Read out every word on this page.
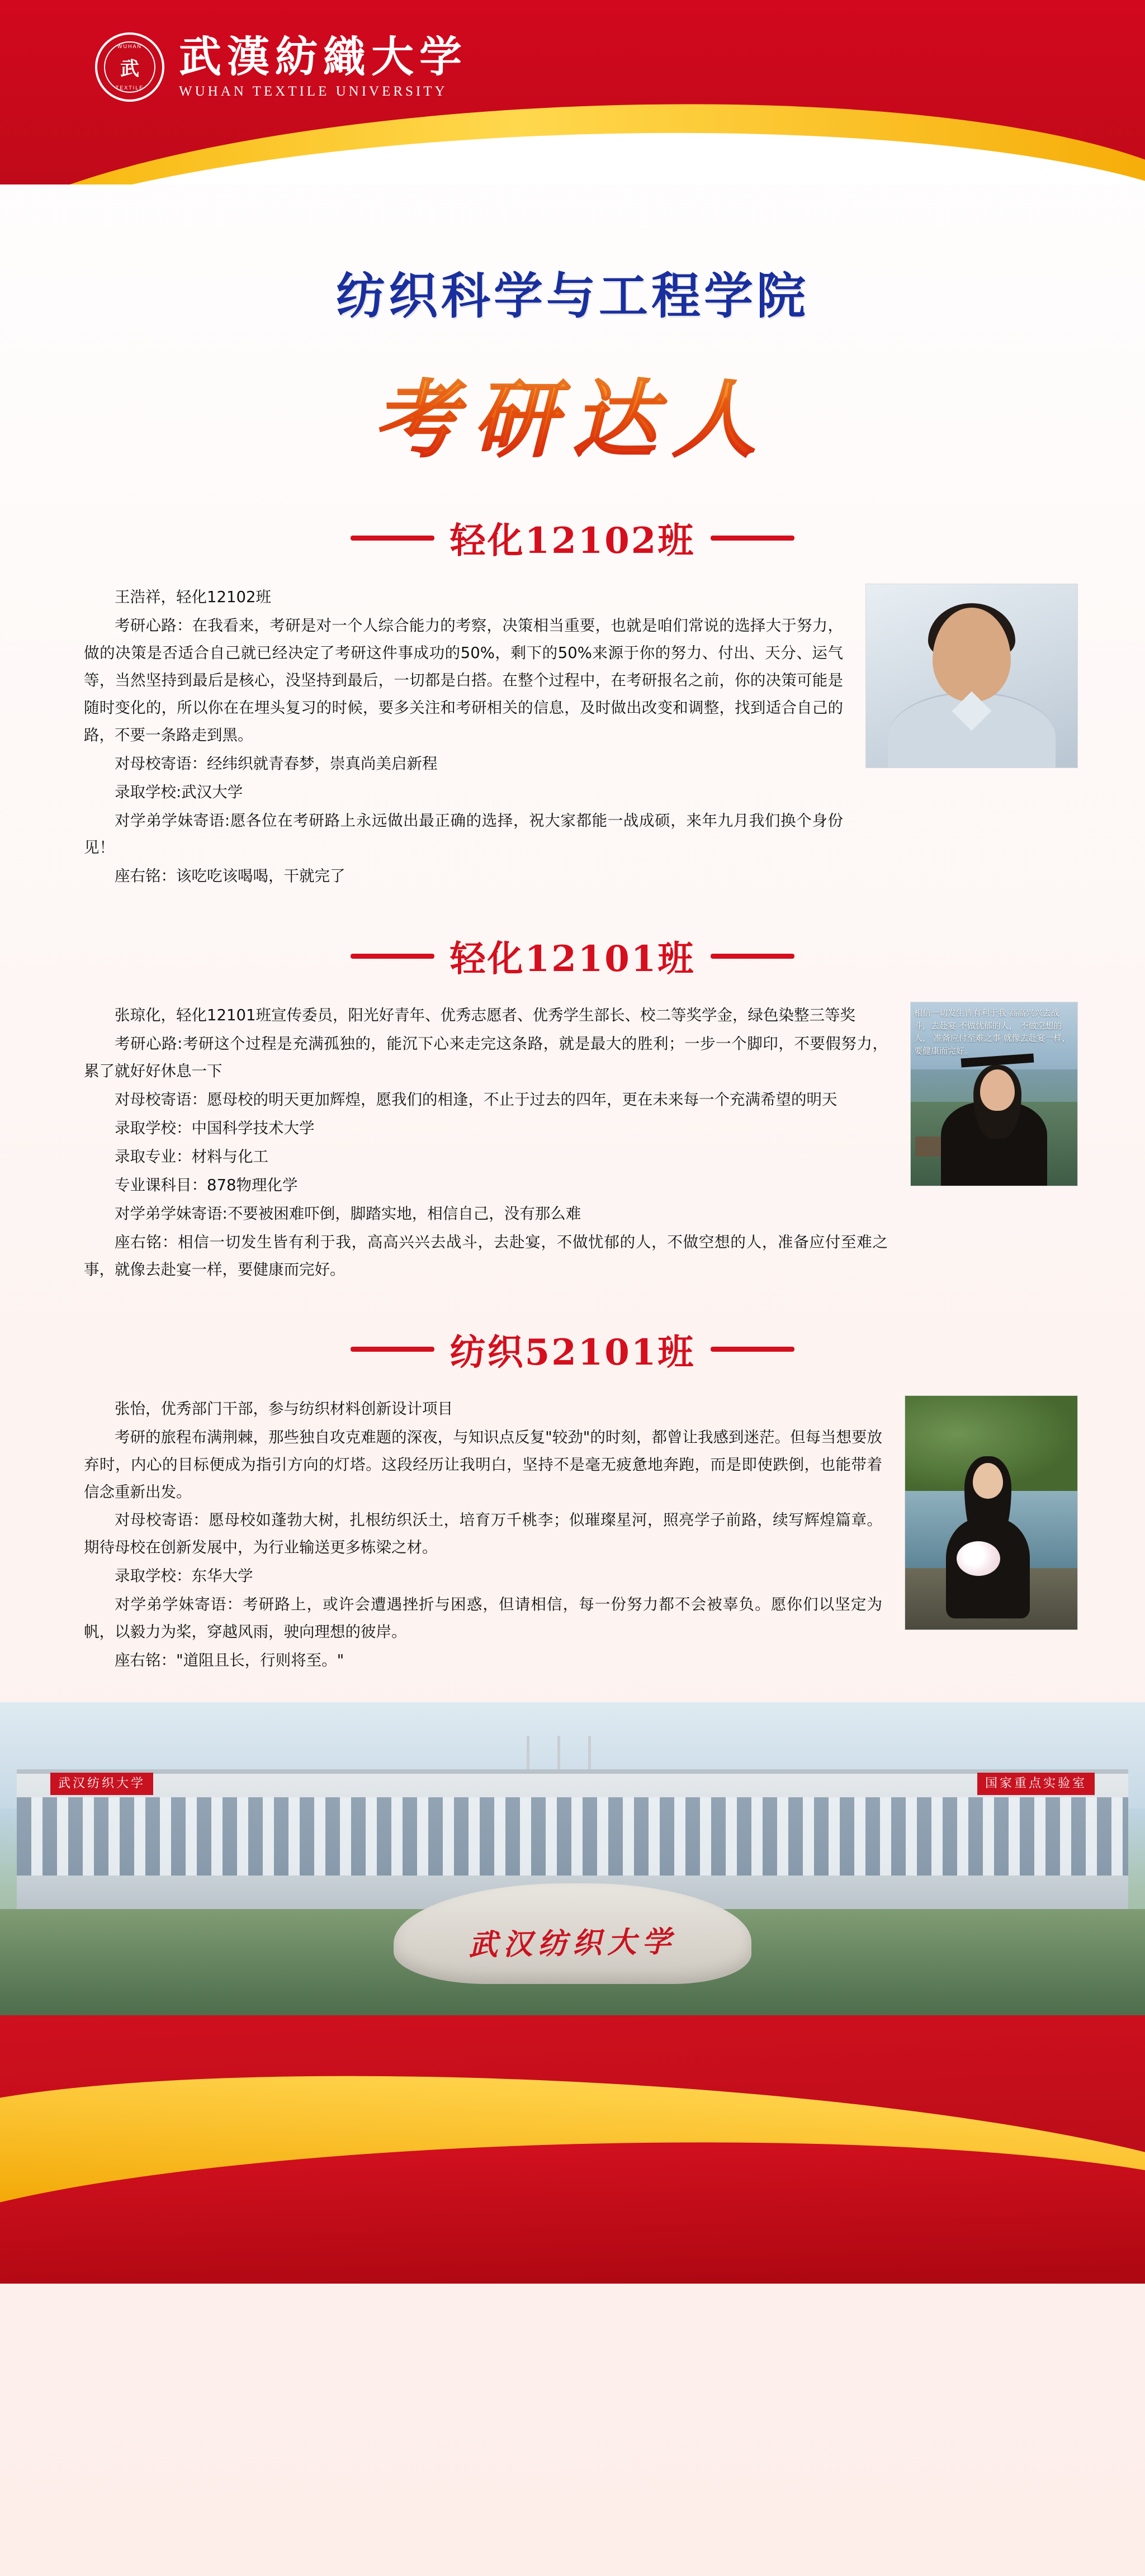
WUHAN
武
TEXTILE
武漢紡織大学
WUHAN TEXTILE UNIVERSITY
纺织科学与工程学院
考研达人
轻化12102班

王浩祥，轻化12102班

考研心路：在我看来，考研是对一个人综合能力的考察，决策相当重要，也就是咱们常说的选择大于努力，做的决策是否适合自己就已经决定了考研这件事成功的50%，剩下的50%来源于你的努力、付出、天分、运气等，当然坚持到最后是核心，没坚持到最后，一切都是白搭。在整个过程中，在考研报名之前，你的决策可能是随时变化的，所以你在在埋头复习的时候，要多关注和考研相关的信息，及时做出改变和调整，找到适合自己的路，不要一条路走到黑。

对母校寄语：经纬织就青春梦，崇真尚美启新程

录取学校:武汉大学

对学弟学妹寄语:愿各位在考研路上永远做出最正确的选择，祝大家都能一战成硕，来年九月我们换个身份见！

座右铭：该吃吃该喝喝，干就完了

轻化12101班

张琼化，轻化12101班宣传委员，阳光好青年、优秀志愿者、优秀学生部长、校二等奖学金，绿色染整三等奖

考研心路:考研这个过程是充满孤独的，能沉下心来走完这条路，就是最大的胜利；一步一个脚印，不要假努力，累了就好好休息一下

对母校寄语：愿母校的明天更加辉煌，愿我们的相逢，不止于过去的四年，更在未来每一个充满希望的明天

录取学校：中国科学技术大学

录取专业：材料与化工

专业课科目：878物理化学

对学弟学妹寄语:不要被困难吓倒，脚踏实地，相信自己，没有那么难

座右铭：相信一切发生皆有利于我，高高兴兴去战斗，去赴宴，不做忧郁的人，不做空想的人，准备应付至难之事，就像去赴宴一样，要健康而完好。

相信一切发生皆有利于我 高高兴兴去战斗，去赴宴 不做忧郁的人， 不做空想的人， 准备应付至难之事 就像去赴宴一样， 要健康而完好。
纺织52101班

张怡，优秀部门干部，参与纺织材料创新设计项目

考研的旅程布满荆棘，那些独自攻克难题的深夜，与知识点反复"较劲"的时刻，都曾让我感到迷茫。但每当想要放弃时，内心的目标便成为指引方向的灯塔。这段经历让我明白，坚持不是毫无疲惫地奔跑，而是即使跌倒，也能带着信念重新出发。

对母校寄语：愿母校如蓬勃大树，扎根纺织沃土，培育万千桃李；似璀璨星河，照亮学子前路，续写辉煌篇章。期待母校在创新发展中，为行业输送更多栋梁之材。

录取学校：东华大学

对学弟学妹寄语：考研路上，或许会遭遇挫折与困惑，但请相信，每一份努力都不会被辜负。愿你们以坚定为帆，以毅力为桨，穿越风雨，驶向理想的彼岸。

座右铭："道阻且长，行则将至。"

武汉纺织大学	国家重点实验室
武汉纺织大学
